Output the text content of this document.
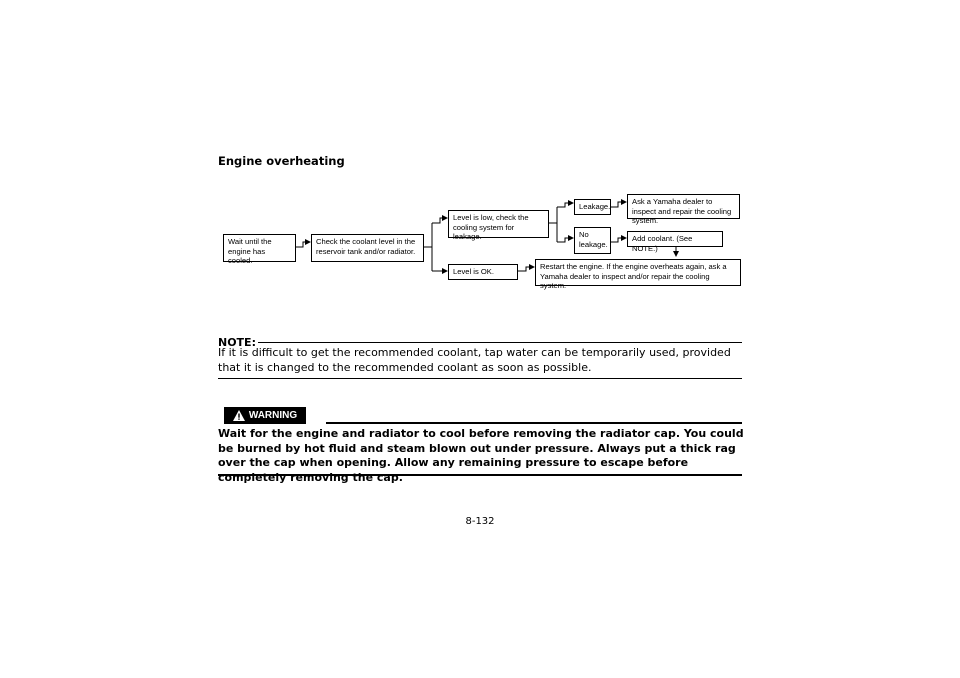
Engine overheating
Wait until the engine has cooled.
Check the coolant level in the reservoir tank and/or radiator.
Level is low, check the cooling system for leakage.
Level is OK.
Leakage.
No leakage.
Ask a Yamaha dealer to inspect and repair the cooling system.
Add coolant. (See NOTE.)
Restart the engine. If the engine overheats again, ask a Yamaha dealer to inspect and/or repair the cooling system.
NOTE:
If it is difficult to get the recommended coolant, tap water can be temporarily used, provided that it is changed to the recommended coolant as soon as possible.
WARNING
Wait for the engine and radiator to cool before removing the radiator cap. You could be burned by hot fluid and steam blown out under pressure. Always put a thick rag over the cap when opening. Allow any remaining pressure to escape before completely removing the cap.
8-132
